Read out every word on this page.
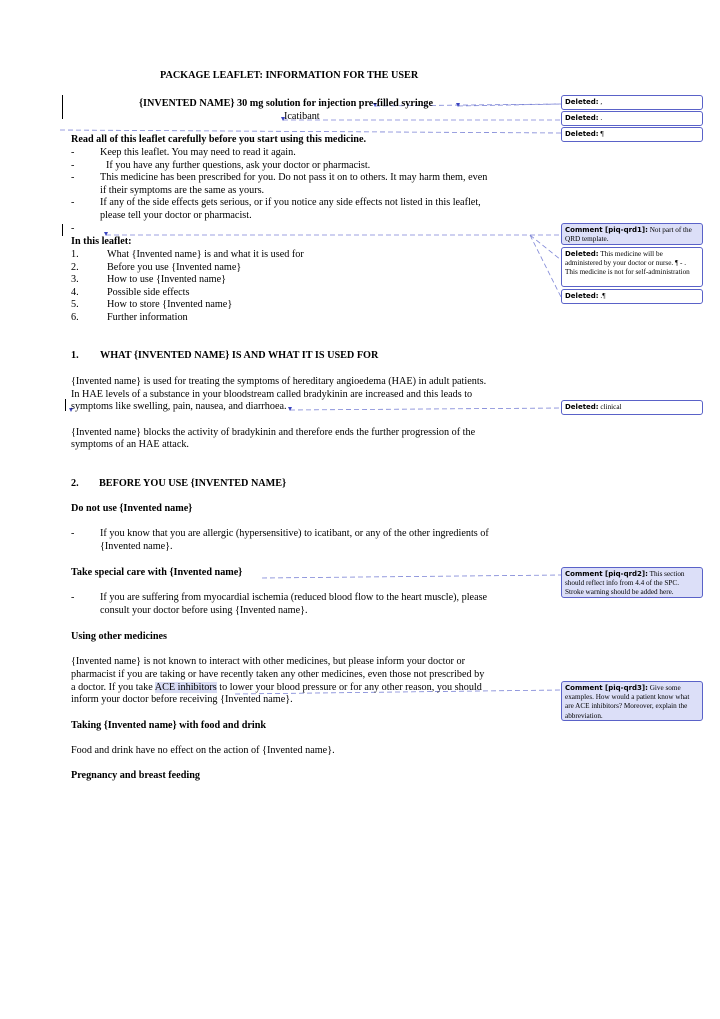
PACKAGE LEAFLET: INFORMATION FOR THE USER
{INVENTED NAME} 30 mg solution for injection pre-filled syringe
Icatibant
Read all of this leaflet carefully before you start using this medicine.
-	Keep this leaflet. You may need to read it again.
-	If you have any further questions, ask your doctor or pharmacist.
-	This medicine has been prescribed for you. Do not pass it on to others. It may harm them, even
if their symptoms are the same as yours.
-	If any of the side effects gets serious, or if you notice any side effects not listed in this leaflet,
please tell your doctor or pharmacist.
-
In this leaflet:
1.	What {Invented name} is and what it is used for
2.	Before you use {Invented name}
3.	How to use {Invented name}
4.	Possible side effects
5.	How to store {Invented name}
6.	Further information
1. WHAT {INVENTED NAME} IS AND WHAT IT IS USED FOR
{Invented name} is used for treating the symptoms of hereditary angioedema (HAE) in adult patients.
In HAE levels of a substance in your bloodstream called bradykinin are increased and this leads to
symptoms like swelling, pain, nausea, and diarrhoea.
{Invented name} blocks the activity of bradykinin and therefore ends the further progression of the
symptoms of an HAE attack.
2. BEFORE YOU USE {INVENTED NAME}
Do not use {Invented name}
-	If you know that you are allergic (hypersensitive) to icatibant, or any of the other ingredients of
{Invented name}.
Take special care with {Invented name}
-	If you are suffering from myocardial ischemia (reduced blood flow to the heart muscle), please
consult your doctor before using {Invented name}.
Using other medicines
{Invented name} is not known to interact with other medicines, but please inform your doctor or
pharmacist if you are taking or have recently taken any other medicines, even those not prescribed by
a doctor. If you take ACE inhibitors to lower your blood pressure or for any other reason, you should
inform your doctor before receiving {Invented name}.
Taking {Invented name} with food and drink
Food and drink have no effect on the action of {Invented name}.
Pregnancy and breast feeding
Deleted: ,
Deleted: .
Deleted: ¶
Comment [piq-qrd1]: Not part of the QRD template.
Deleted: This medicine will be administered by your doctor or nurse. ¶ - . This medicine is not for self-administration
Deleted: .¶
Deleted: clinical
Comment [piq-qrd2]: This section should reflect info from 4.4 of the SPC. Stroke warning should be added here.
Comment [piq-qrd3]: Give some examples. How would a patient know what are ACE inhibitors? Moreover, explain the abbreviation.
